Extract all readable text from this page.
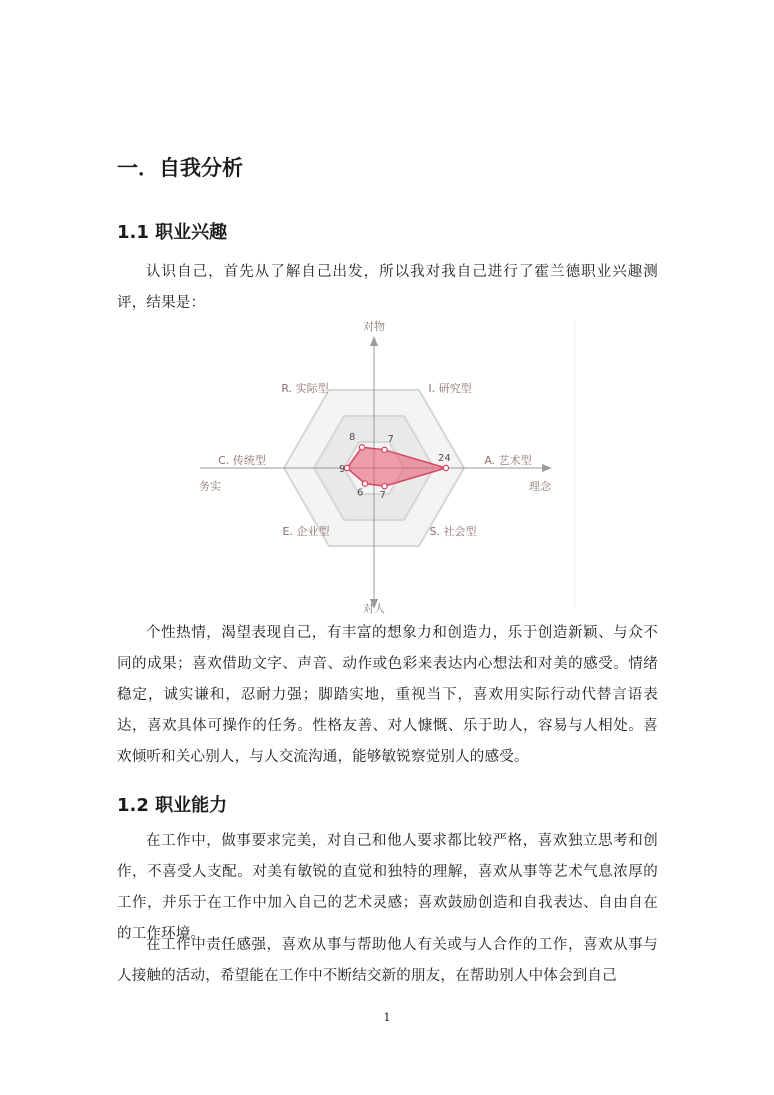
一．自我分析
1.1 职业兴趣

认识自己，首先从了解自己出发，所以我对我自己进行了霍兰德职业兴趣测评，结果是：

8	7
24
7
6
9
R. 实际型	I. 研究型
A. 艺术型
S. 社会型
E. 企业型
C. 传统型
对物
对人
务实	理念

个性热情，渴望表现自己，有丰富的想象力和创造力，乐于创造新颖、与众不同的成果；喜欢借助文字、声音、动作或色彩来表达内心想法和对美的感受。情绪稳定，诚实谦和，忍耐力强；脚踏实地，重视当下，喜欢用实际行动代替言语表达，喜欢具体可操作的任务。性格友善、对人慷慨、乐于助人，容易与人相处。喜欢倾听和关心别人，与人交流沟通，能够敏锐察觉别人的感受。

1.2 职业能力

在工作中，做事要求完美，对自己和他人要求都比较严格，喜欢独立思考和创作，不喜受人支配。对美有敏锐的直觉和独特的理解，喜欢从事等艺术气息浓厚的工作，并乐于在工作中加入自己的艺术灵感；喜欢鼓励创造和自我表达、自由自在的工作环境。

在工作中责任感强，喜欢从事与帮助他人有关或与人合作的工作，喜欢从事与人接触的活动，希望能在工作中不断结交新的朋友，在帮助别人中体会到自己

1
